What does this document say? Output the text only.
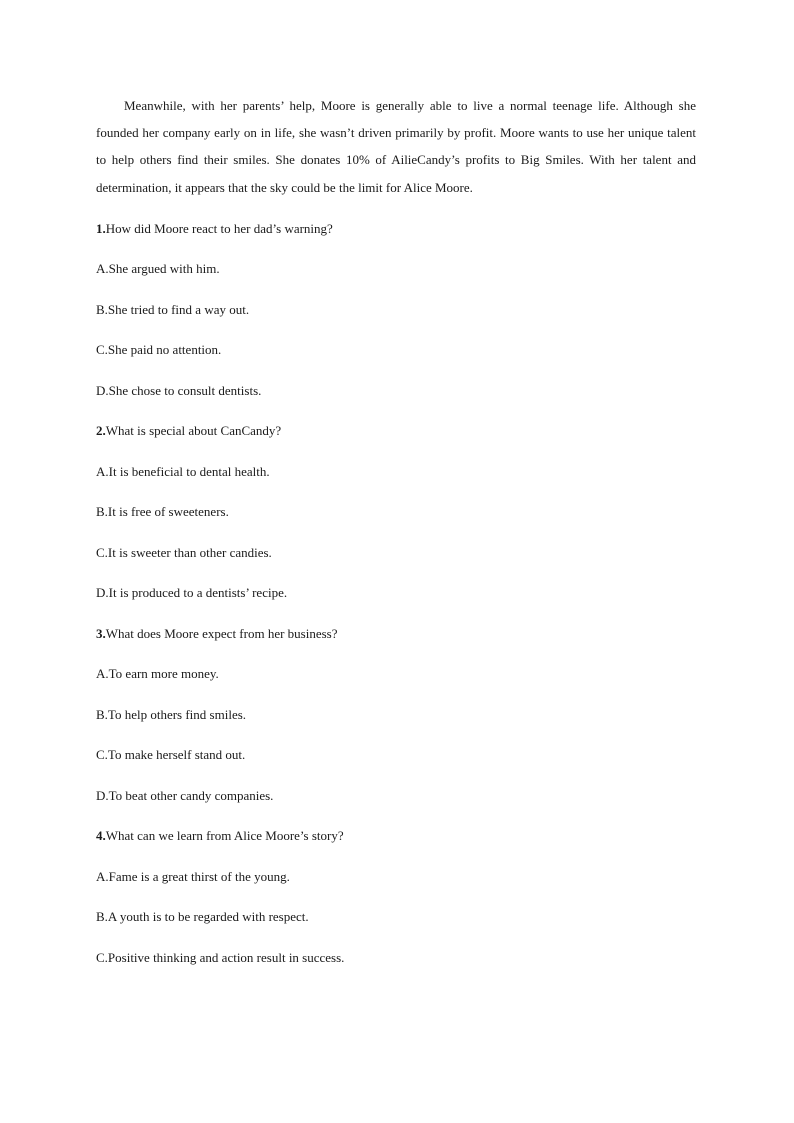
Meanwhile, with her parents’ help, Moore is generally able to live a normal teenage life. Although she founded her company early on in life, she wasn’t driven primarily by profit. Moore wants to use her unique talent to help others find their smiles. She donates 10% of AilieCandy’s profits to Big Smiles. With her talent and determination, it appears that the sky could be the limit for Alice Moore.

1.How did Moore react to her dad’s warning?
A.She argued with him.
B.She tried to find a way out.
C.She paid no attention.
D.She chose to consult dentists.
2.What is special about CanCandy?
A.It is beneficial to dental health.
B.It is free of sweeteners.
C.It is sweeter than other candies.
D.It is produced to a dentists’ recipe.
3.What does Moore expect from her business?
A.To earn more money.
B.To help others find smiles.
C.To make herself stand out.
D.To beat other candy companies.
4.What can we learn from Alice Moore’s story?
A.Fame is a great thirst of the young.
B.A youth is to be regarded with respect.
C.Positive thinking and action result in success.
